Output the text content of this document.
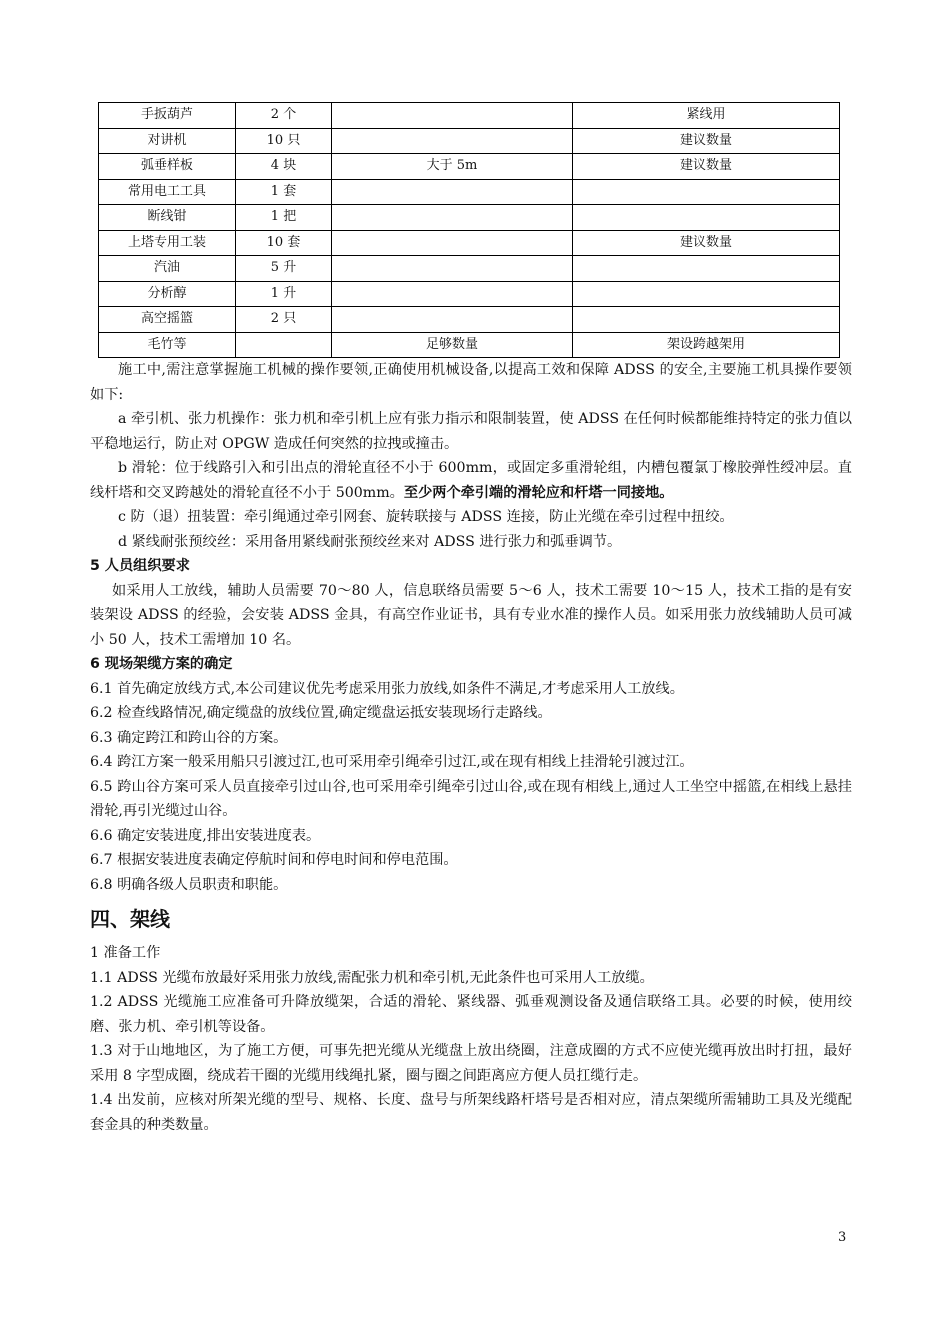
手扳葫芦	2 个		紧线用
对讲机	10 只		建议数量
弧垂样板	4 块	大于 5m	建议数量
常用电工工具	1 套		
断线钳	1 把		
上塔专用工装	10 套		建议数量
汽油	5 升		
分析醇	1 升		
高空摇篮	2 只		
毛竹等		足够数量	架设跨越架用

施工中,需注意掌握施工机械的操作要领,正确使用机械设备,以提高工效和保障 ADSS 的安全,主要施工机具操作要领如下:

a 牵引机、张力机操作：张力机和牵引机上应有张力指示和限制装置，使 ADSS 在任何时候都能维持特定的张力值以平稳地运行，防止对 OPGW 造成任何突然的拉拽或撞击。

b 滑轮：位于线路引入和引出点的滑轮直径不小于 600mm，或固定多重滑轮组，内槽包覆氯丁橡胶弹性绶冲层。直线杆塔和交叉跨越处的滑轮直径不小于 500mm。至少两个牵引端的滑轮应和杆塔一同接地。

c 防（退）扭装置：牵引绳通过牵引网套、旋转联接与 ADSS 连接，防止光缆在牵引过程中扭绞。

d 紧线耐张预绞丝：采用备用紧线耐张预绞丝来对 ADSS 进行张力和弧垂调节。

5 人员组织要求

如采用人工放线，辅助人员需要 70～80 人，信息联络员需要 5～6 人，技术工需要 10～15 人，技术工指的是有安装架设 ADSS 的经验，会安装 ADSS 金具，有高空作业证书，具有专业水准的操作人员。如采用张力放线辅助人员可减小 50 人，技术工需增加 10 名。

6 现场架缆方案的确定

6.1 首先确定放线方式,本公司建议优先考虑采用张力放线,如条件不满足,才考虑采用人工放线。

6.2 检查线路情况,确定缆盘的放线位置,确定缆盘运抵安装现场行走路线。

6.3 确定跨江和跨山谷的方案。

6.4 跨江方案一般采用船只引渡过江,也可采用牵引绳牵引过江,或在现有相线上挂滑轮引渡过江。

6.5 跨山谷方案可采人员直接牵引过山谷,也可采用牵引绳牵引过山谷,或在现有相线上,通过人工坐空中摇篮,在相线上悬挂滑轮,再引光缆过山谷。

6.6 确定安装进度,排出安装进度表。

6.7 根据安装进度表确定停航时间和停电时间和停电范围。

6.8 明确各级人员职责和职能。

四、架线

1 准备工作

1.1 ADSS 光缆布放最好采用张力放线,需配张力机和牵引机,无此条件也可采用人工放缆。

1.2 ADSS 光缆施工应准备可升降放缆架，合适的滑轮、紧线器、弧垂观测设备及通信联络工具。必要的时候，使用绞磨、张力机、牵引机等设备。

1.3 对于山地地区，为了施工方便，可事先把光缆从光缆盘上放出绕圈，注意成圈的方式不应使光缆再放出时打扭，最好采用 8 字型成圈，绕成若干圈的光缆用线绳扎紧，圈与圈之间距离应方便人员扛缆行走。

1.4 出发前，应核对所架光缆的型号、规格、长度、盘号与所架线路杆塔号是否相对应，清点架缆所需辅助工具及光缆配套金具的种类数量。

3
